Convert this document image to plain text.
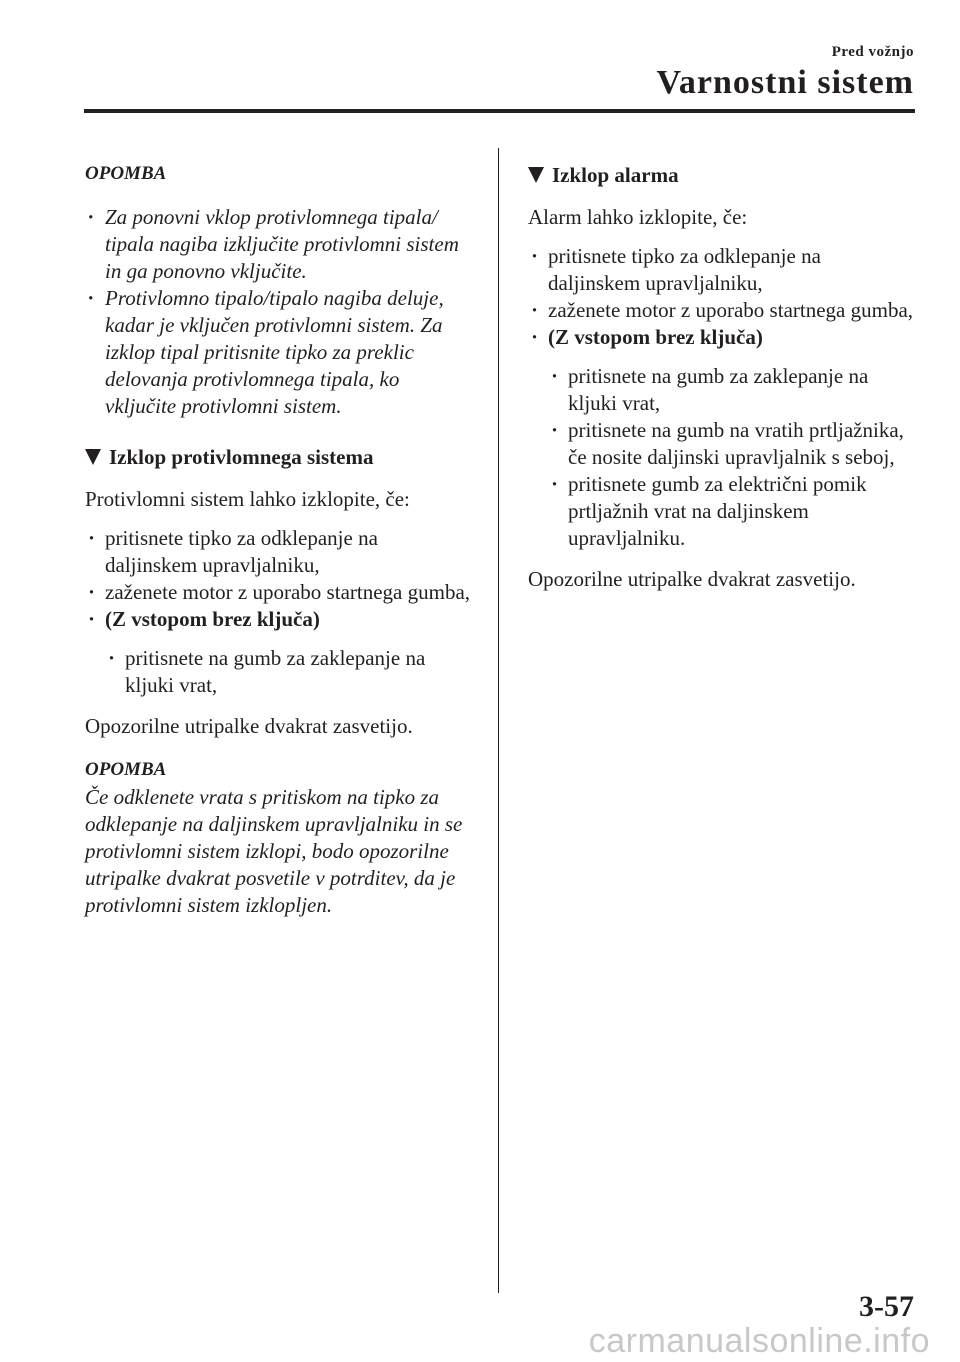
Pred vožnjo
Varnostni sistem

OPOMBA

· Za ponovni vklop protivlomnega tipala/ tipala nagiba izključite protivlomni sistem in ga ponovno vključite.
· Protivlomno tipalo/tipalo nagiba deluje, kadar je vključen protivlomni sistem. Za izklop tipal pritisnite tipko za preklic delovanja protivlomnega tipala, ko vključite protivlomni sistem.
Izklop protivlomnega sistema

Protivlomni sistem lahko izklopite, če:

· pritisnete tipko za odklepanje na daljinskem upravljalniku,
· zaženete motor z uporabo startnega gumba,
· (Z vstopom brez ključa)
· pritisnete na gumb za zaklepanje na kljuki vrat,

Opozorilne utripalke dvakrat zasvetijo.

OPOMBA

Če odklenete vrata s pritiskom na tipko za odklepanje na daljinskem upravljalniku in se protivlomni sistem izklopi, bodo opozorilne utripalke dvakrat posvetile v potrditev, da je protivlomni sistem izklopljen.

Izklop alarma

Alarm lahko izklopite, če:

· pritisnete tipko za odklepanje na daljinskem upravljalniku,
· zaženete motor z uporabo startnega gumba,
· (Z vstopom brez ključa)
· pritisnete na gumb za zaklepanje na kljuki vrat,
· pritisnete na gumb na vratih prtljažnika, če nosite daljinski upravljalnik s seboj,
· pritisnete gumb za električni pomik prtljažnih vrat na daljinskem upravljalniku.

Opozorilne utripalke dvakrat zasvetijo.

3-57
carmanualsonline.info
